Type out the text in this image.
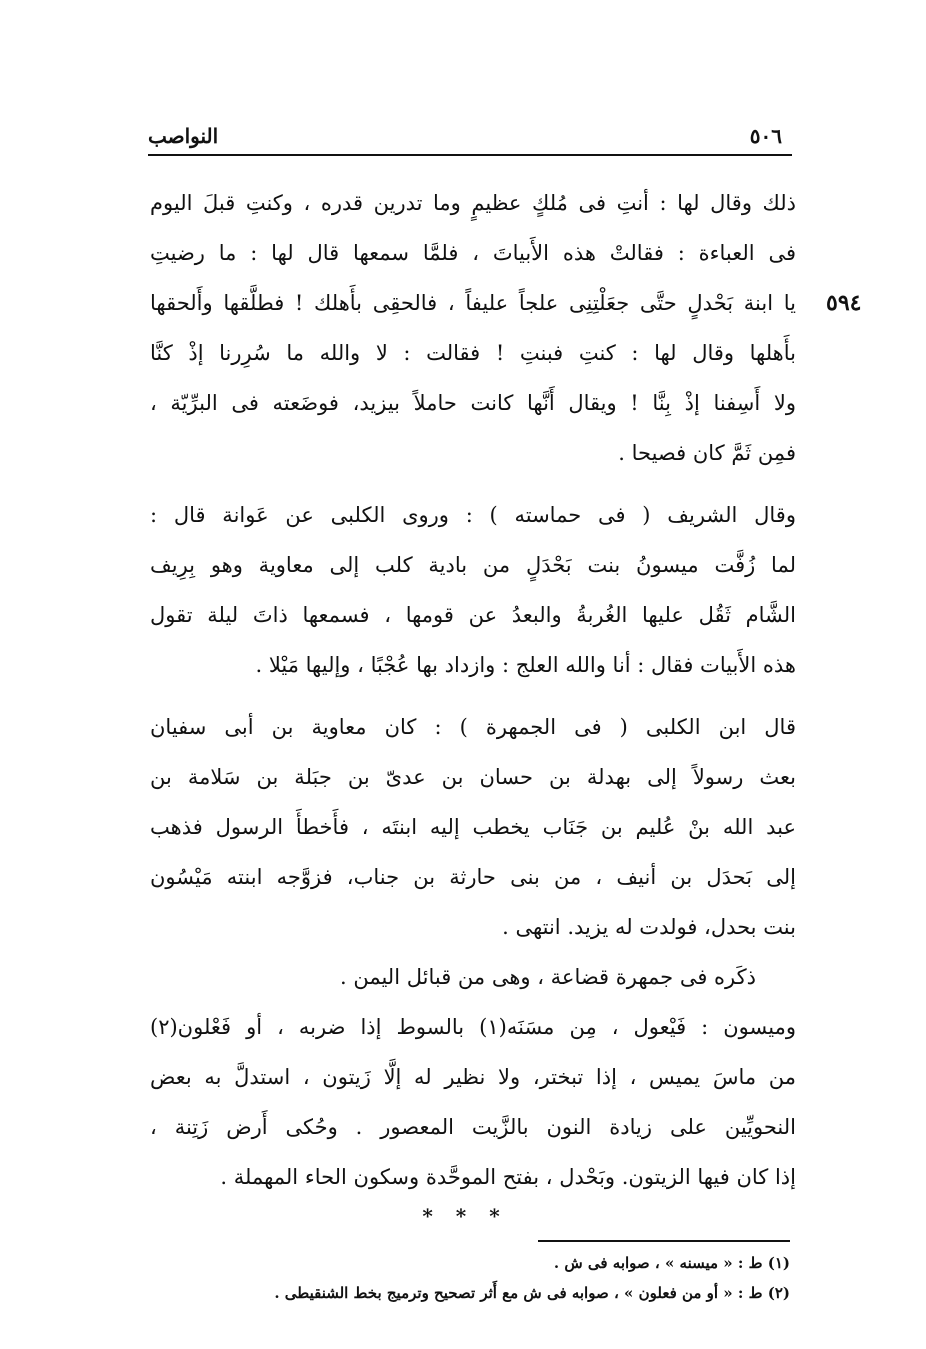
النواصب	٥٠٦
٥٩٤
ذلك وقال لها : أنتِ فى مُلكٍ عظيمٍ وما تدرين قدره ، وكنتِ قبلَ اليوم
فى العباءة : فقالتْ هذه الأَبياتَ ، فلمَّا سمعها قال لها : ما رضيتِ
يا ابنة بَحْدلٍ حتَّى جعَلْتِنِى علجاً عليفاً ، فالحقِى بأَهلك ! فطلَّقها وأَلحقها
بأَهلها وقال لها : كنتِ فبنتِ ! فقالت : لا والله ما سُرِرنا إذْ كنَّا
ولا أَسِفنا إذْ بِنَّا ! ويقال أَنَّها كانت حاملاً بيزيد، فوضَعته فى البرِّيّة ،
فمِن ثَمَّ كان فصيحا .
وقال الشريف ( فى حماسته ) : وروى الكلبى عن عَوانة قال :
لما زُفَّت ميسونُ بنت بَحْدَلٍ من بادية كلب إلى معاوية وهو بِرِيف
الشَّام ثَقُل عليها الغُربةُ والبعدُ عن قومها ، فسمعها ذاتَ ليلة تقول
هذه الأَبيات فقال : أنا والله العلج : وازداد بها عُجْبًا ، وإليها مَيْلا .
قال ابن الكلبى ( فى الجمهرة ) : كان معاوية بن أبى سفيان
بعث رسولاً إلى بهدلة بن حسان بن عدىّ بن جبَلة بن سَلامة بن
عبد الله بنْ عُليم بن جَنَاب يخطب إليه ابنتَه ، فأَخطأَ الرسول فذهب
إلى بَحدَل بن أنيف ، من بنى حارثة بن جناب، فزوَّجه ابنته مَيْسُون
بنت بحدل، فولدت له يزيد. انتهى .
ذكَره فى جمهرة قضاعة ، وهى من قبائل اليمن .
وميسون : فَيْعول ، مِن مسَنَه(١) بالسوط إذا ضربه ، أو فَعْلون(٢)
من ماسَ يميس ، إذا تبختر، ولا نظير له إلَّا زَيتون ، استدلَّ به بعض
النحويِّين على زيادة النون بالزَّيت المعصور . وحُكى أَرض زَتِنة ،
إذا كان فيها الزيتون. وبَحْدل ، بفتح الموحَّدة وسكون الحاء المهملة .
* * *
(١) ط : « ميسنه » ، صوابه فى ش .
(٢) ط : « أو من فعلون » ، صوابه فى ش مع أَثر تصحيح وترميج بخط الشنقيطى .
